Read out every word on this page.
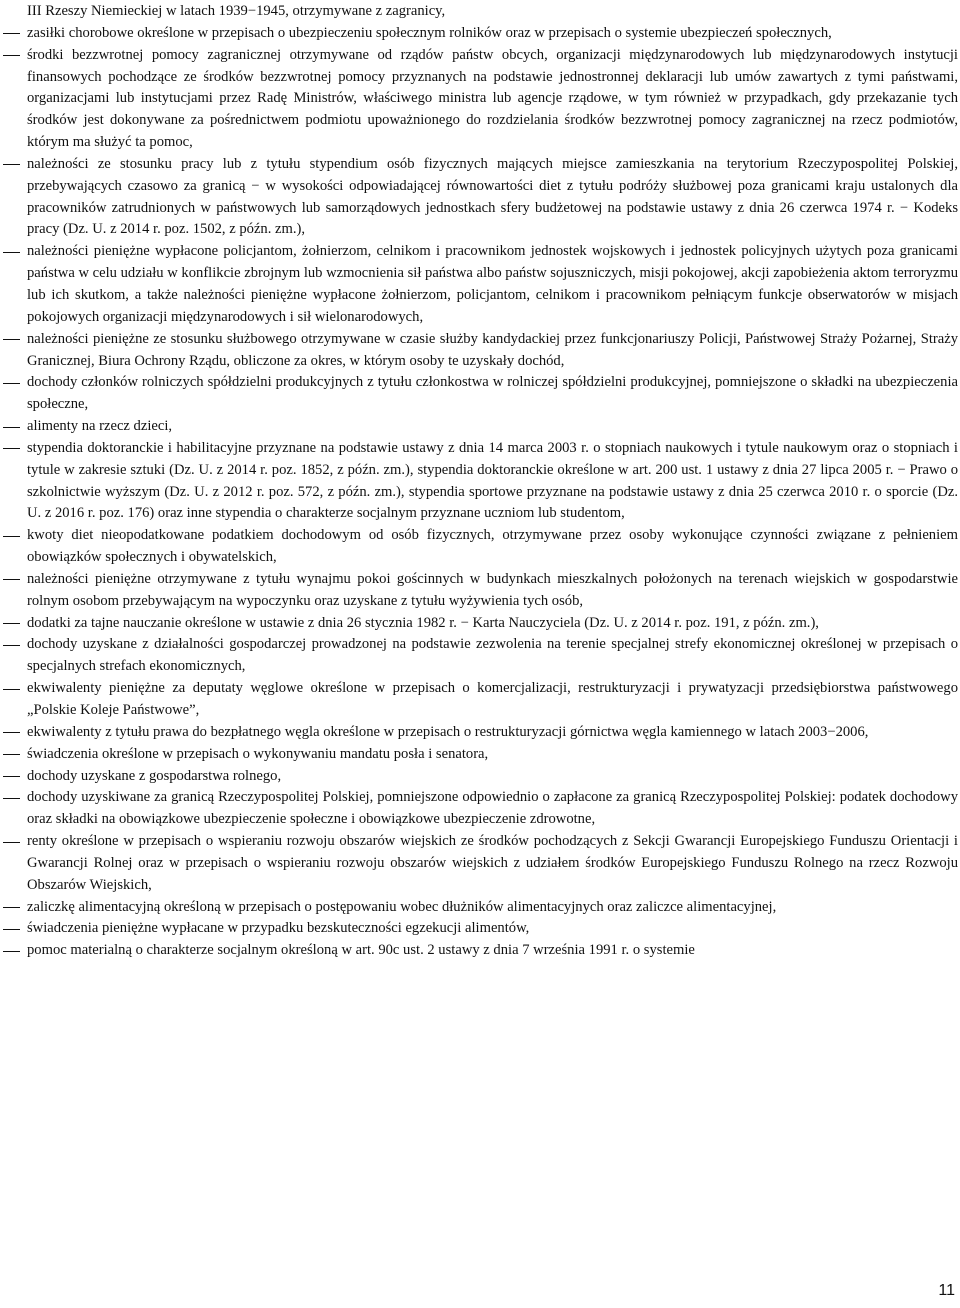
III Rzeszy Niemieckiej w latach 1939−1945, otrzymywane z zagranicy,

zasiłki chorobowe określone w przepisach o ubezpieczeniu społecznym rolników oraz w przepisach o systemie ubezpieczeń społecznych,

środki bezzwrotnej pomocy zagranicznej otrzymywane od rządów państw obcych, organizacji międzynarodowych lub międzynarodowych instytucji finansowych pochodzące ze środków bezzwrotnej pomocy przyznanych na podstawie jednostronnej deklaracji lub umów zawartych z tymi państwami, organizacjami lub instytucjami przez Radę Ministrów, właściwego ministra lub agencje rządowe, w tym również w przypadkach, gdy przekazanie tych środków jest dokonywane za pośrednictwem podmiotu upoważnionego do rozdzielania środków bezzwrotnej pomocy zagranicznej na rzecz podmiotów, którym ma służyć ta pomoc,

należności ze stosunku pracy lub z tytułu stypendium osób fizycznych mających miejsce zamieszkania na terytorium Rzeczypospolitej Polskiej, przebywających czasowo za granicą − w wysokości odpowiadającej równowartości diet z tytułu podróży służbowej poza granicami kraju ustalonych dla pracowników zatrudnionych w państwowych lub samorządowych jednostkach sfery budżetowej na podstawie ustawy z dnia 26 czerwca 1974 r. − Kodeks pracy (Dz. U. z 2014 r. poz. 1502, z późn. zm.),

należności pieniężne wypłacone policjantom, żołnierzom, celnikom i pracownikom jednostek wojskowych i jednostek policyjnych użytych poza granicami państwa w celu udziału w konflikcie zbrojnym lub wzmocnienia sił państwa albo państw sojuszniczych, misji pokojowej, akcji zapobieżenia aktom terroryzmu lub ich skutkom, a także należności pieniężne wypłacone żołnierzom, policjantom, celnikom i pracownikom pełniącym funkcje obserwatorów w misjach pokojowych organizacji międzynarodowych i sił wielonarodowych,

należności pieniężne ze stosunku służbowego otrzymywane w czasie służby kandydackiej przez funkcjonariuszy Policji, Państwowej Straży Pożarnej, Straży Granicznej, Biura Ochrony Rządu, obliczone za okres, w którym osoby te uzyskały dochód,

dochody członków rolniczych spółdzielni produkcyjnych z tytułu członkostwa w rolniczej spółdzielni produkcyjnej, pomniejszone o składki na ubezpieczenia społeczne,

alimenty na rzecz dzieci,

stypendia doktoranckie i habilitacyjne przyznane na podstawie ustawy z dnia 14 marca 2003 r. o stopniach naukowych i tytule naukowym oraz o stopniach i tytule w zakresie sztuki (Dz. U. z 2014 r. poz. 1852, z późn. zm.), stypendia doktoranckie określone w art. 200 ust. 1 ustawy z dnia 27 lipca 2005 r. − Prawo o szkolnictwie wyższym (Dz. U. z 2012 r. poz. 572, z późn. zm.), stypendia sportowe przyznane na podstawie ustawy z dnia 25 czerwca 2010 r. o sporcie (Dz. U. z 2016 r. poz. 176) oraz inne stypendia o charakterze socjalnym przyznane uczniom lub studentom,

kwoty diet nieopodatkowane podatkiem dochodowym od osób fizycznych, otrzymywane przez osoby wykonujące czynności związane z pełnieniem obowiązków społecznych i obywatelskich,

należności pieniężne otrzymywane z tytułu wynajmu pokoi gościnnych w budynkach mieszkalnych położonych na terenach wiejskich w gospodarstwie rolnym osobom przebywającym na wypoczynku oraz uzyskane z tytułu wyżywienia tych osób,

dodatki za tajne nauczanie określone w ustawie z dnia 26 stycznia 1982 r. − Karta Nauczyciela (Dz. U. z 2014 r. poz. 191, z późn. zm.),

dochody uzyskane z działalności gospodarczej prowadzonej na podstawie zezwolenia na terenie specjalnej strefy ekonomicznej określonej w przepisach o specjalnych strefach ekonomicznych,

ekwiwalenty pieniężne za deputaty węglowe określone w przepisach o komercjalizacji, restrukturyzacji i prywatyzacji przedsiębiorstwa państwowego „Polskie Koleje Państwowe”,

ekwiwalenty z tytułu prawa do bezpłatnego węgla określone w przepisach o restrukturyzacji górnictwa węgla kamiennego w latach 2003−2006,

świadczenia określone w przepisach o wykonywaniu mandatu posła i senatora,

dochody uzyskane z gospodarstwa rolnego,

dochody uzyskiwane za granicą Rzeczypospolitej Polskiej, pomniejszone odpowiednio o zapłacone za granicą Rzeczypospolitej Polskiej: podatek dochodowy oraz składki na obowiązkowe ubezpieczenie społeczne i obowiązkowe ubezpieczenie zdrowotne,

renty określone w przepisach o wspieraniu rozwoju obszarów wiejskich ze środków pochodzących z Sekcji Gwarancji Europejskiego Funduszu Orientacji i Gwarancji Rolnej oraz w przepisach o wspieraniu rozwoju obszarów wiejskich z udziałem środków Europejskiego Funduszu Rolnego na rzecz Rozwoju Obszarów Wiejskich,

zaliczkę alimentacyjną określoną w przepisach o postępowaniu wobec dłużników alimentacyjnych oraz zaliczce alimentacyjnej,

świadczenia pieniężne wypłacane w przypadku bezskuteczności egzekucji alimentów,

pomoc materialną o charakterze socjalnym określoną w art. 90c ust. 2 ustawy z dnia 7 września 1991 r. o systemie

11
